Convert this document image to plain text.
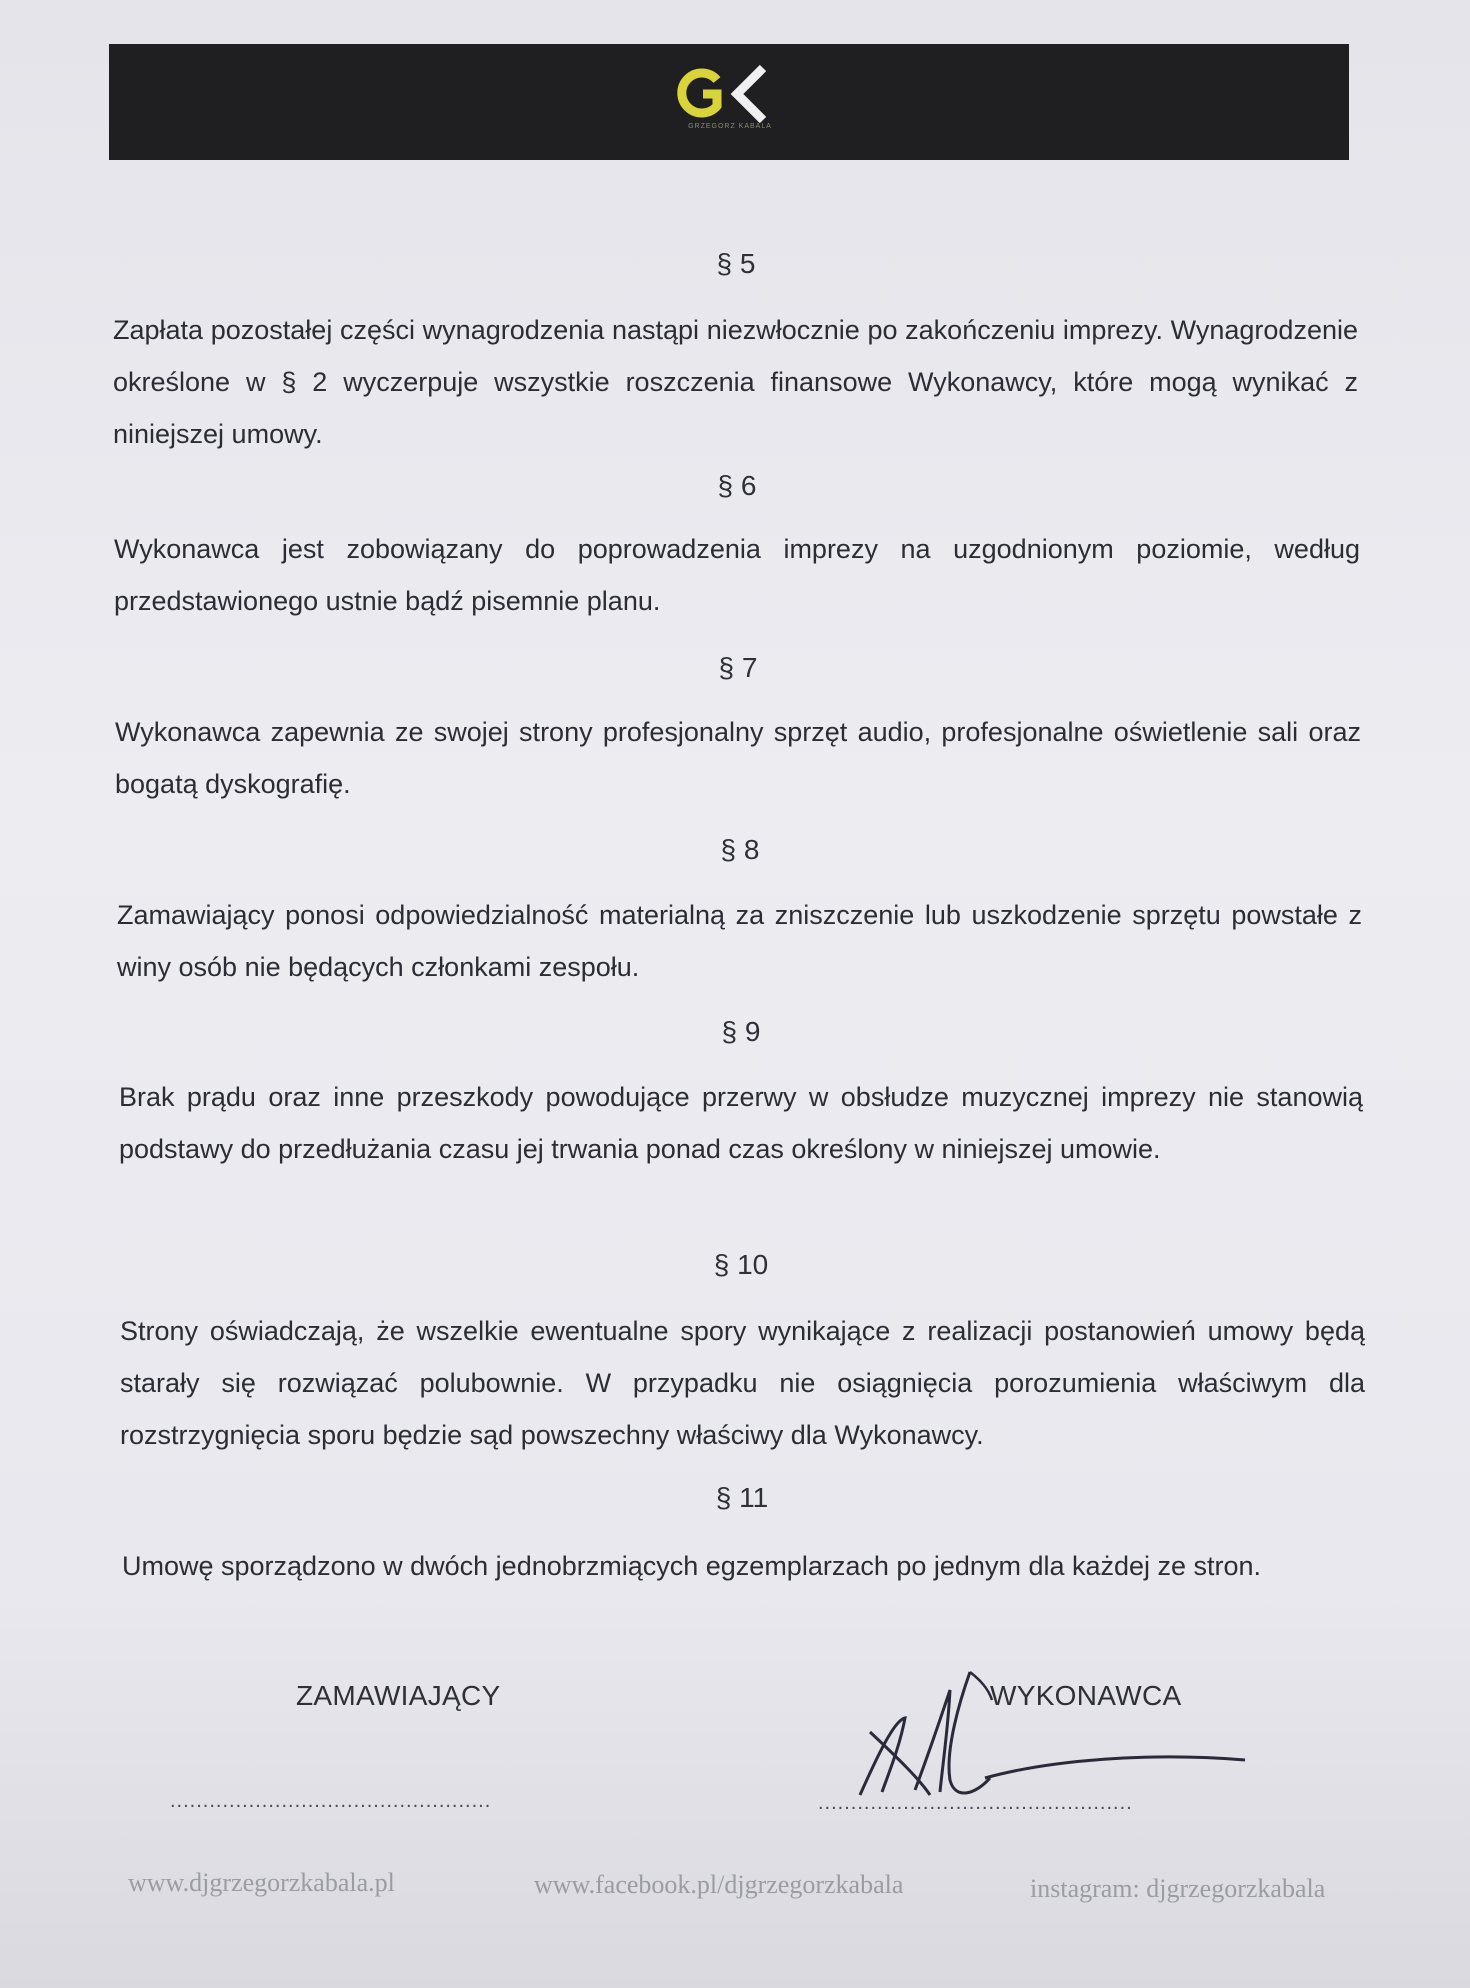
GRZEGORZ KABALA
§ 5
Zapłata pozostałej części wynagrodzenia nastąpi niezwłocznie po zakończeniu imprezy. Wynagrodzenie określone w § 2 wyczerpuje wszystkie roszczenia finansowe Wykonawcy, które mogą wynikać z niniejszej umowy.
§ 6
Wykonawca jest zobowiązany do poprowadzenia imprezy na uzgodnionym poziomie, według przedstawionego ustnie bądź pisemnie planu.
§ 7
Wykonawca zapewnia ze swojej strony profesjonalny sprzęt audio, profesjonalne oświetlenie sali oraz bogatą dyskografię.
§ 8
Zamawiający ponosi odpowiedzialność materialną za zniszczenie lub uszkodzenie sprzętu powstałe z winy osób nie będących członkami zespołu.
§ 9
Brak prądu oraz inne przeszkody powodujące przerwy w obsłudze muzycznej imprezy nie stanowią podstawy do przedłużania czasu jej trwania ponad czas określony w niniejszej umowie.
§ 10
Strony oświadczają, że wszelkie ewentualne spory wynikające z realizacji postanowień umowy będą starały się rozwiązać polubownie. W przypadku nie osiągnięcia porozumienia właściwym dla rozstrzygnięcia sporu będzie sąd powszechny właściwy dla Wykonawcy.
§ 11
Umowę sporządzono w dwóch jednobrzmiących egzemplarzach po jednym dla każdej ze stron.
ZAMAWIAJĄCY	WYKONAWCA
.................................................	................................................
www.djgrzegorzkabala.pl	www.facebook.pl/djgrzegorzkabala	instagram: djgrzegorzkabala
